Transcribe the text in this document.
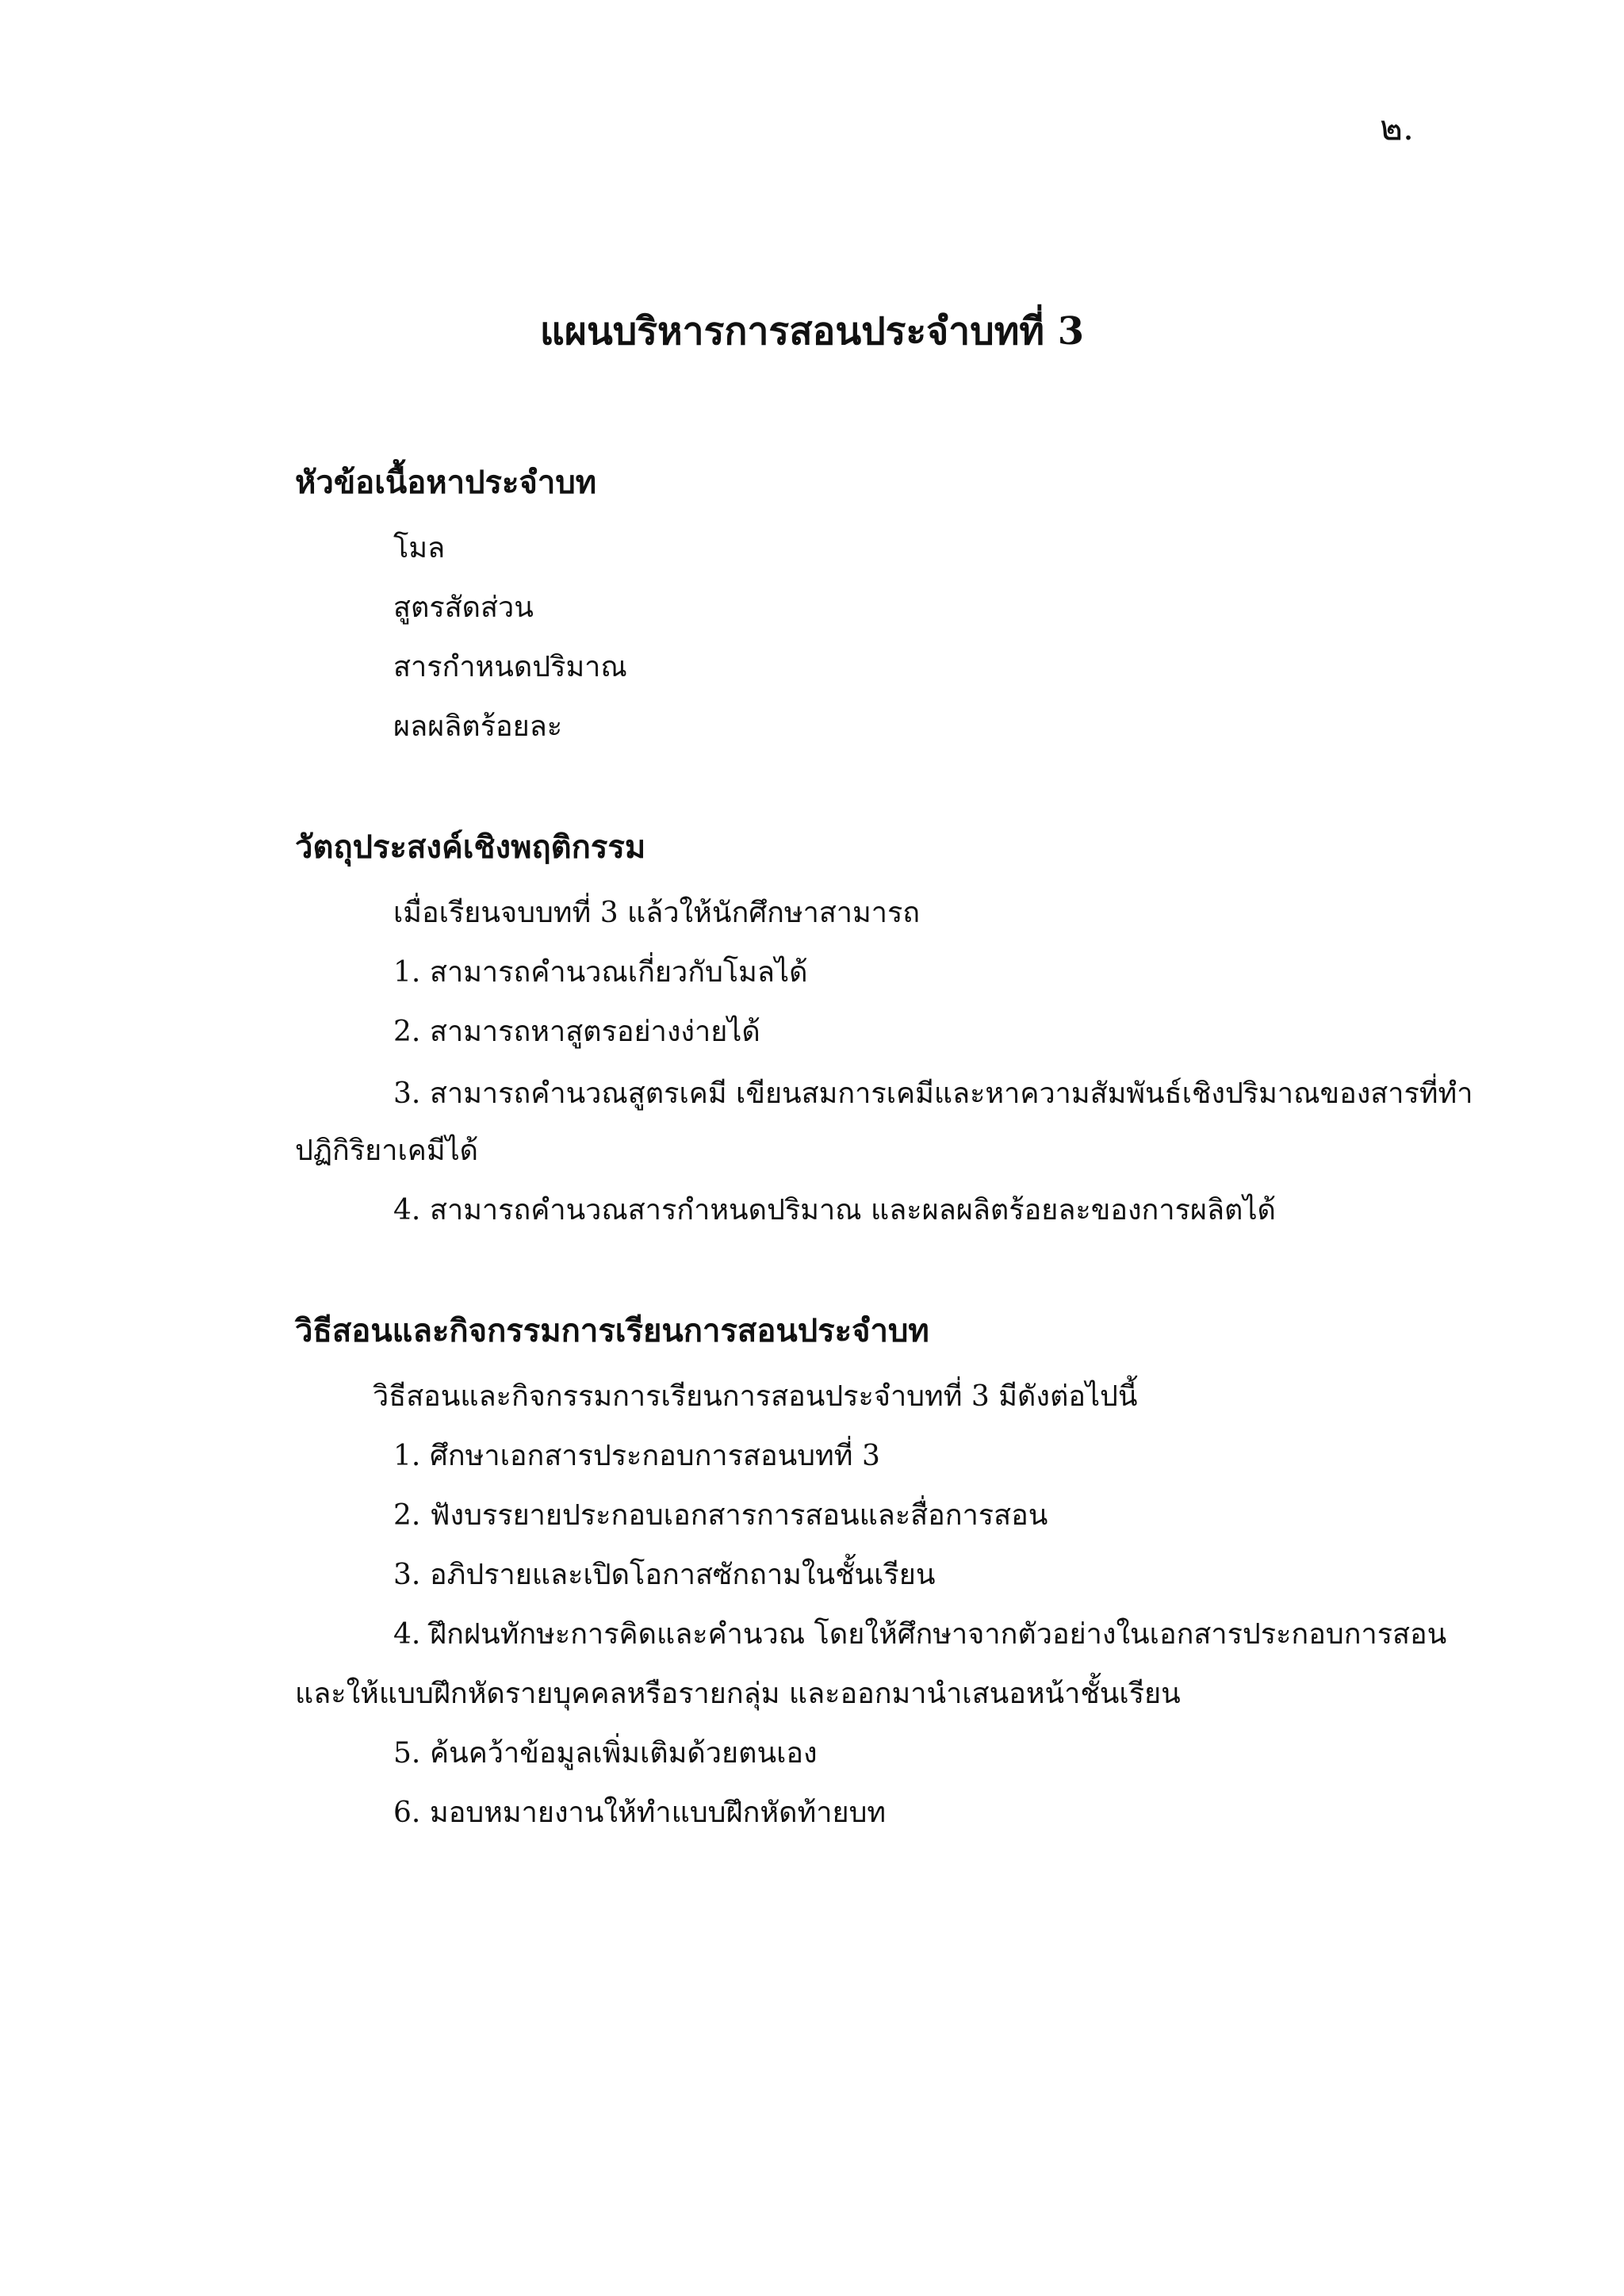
๒.
แผนบริหารการสอนประจำบทที่ 3
หัวข้อเนื้อหาประจำบท
โมล
สูตรสัดส่วน
สารกำหนดปริมาณ
ผลผลิตร้อยละ
วัตถุประสงค์เชิงพฤติกรรม
เมื่อเรียนจบบทที่ 3 แล้วให้นักศึกษาสามารถ
1. สามารถคำนวณเกี่ยวกับโมลได้
2. สามารถหาสูตรอย่างง่ายได้
3. สามารถคำนวณสูตรเคมี เขียนสมการเคมีและหาความสัมพันธ์เชิงปริมาณของสารที่ทำ
ปฏิกิริยาเคมีได้
4. สามารถคำนวณสารกำหนดปริมาณ และผลผลิตร้อยละของการผลิตได้
วิธีสอนและกิจกรรมการเรียนการสอนประจำบท
วิธีสอนและกิจกรรมการเรียนการสอนประจำบทที่ 3 มีดังต่อไปนี้
1. ศึกษาเอกสารประกอบการสอนบทที่ 3
2. ฟังบรรยายประกอบเอกสารการสอนและสื่อการสอน
3. อภิปรายและเปิดโอกาสซักถามในชั้นเรียน
4. ฝึกฝนทักษะการคิดและคำนวณ โดยให้ศึกษาจากตัวอย่างในเอกสารประกอบการสอน
และให้แบบฝึกหัดรายบุคคลหรือรายกลุ่ม และออกมานำเสนอหน้าชั้นเรียน
5. ค้นคว้าข้อมูลเพิ่มเติมด้วยตนเอง
6. มอบหมายงานให้ทำแบบฝึกหัดท้ายบท
